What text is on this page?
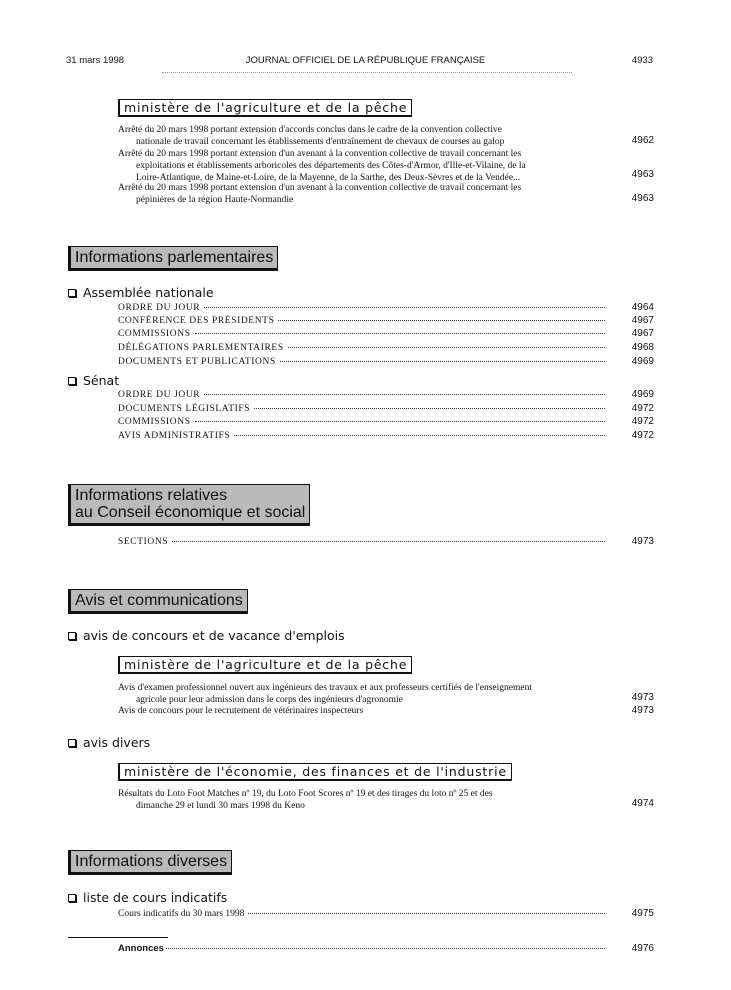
31 mars 1998	JOURNAL OFFICIEL DE LA RÉPUBLIQUE FRANÇAISE	4933
ministère de l'agriculture et de la pêche
Arrêté du 20 mars 1998 portant extension d'accords conclus dans le cadre de la convention collective
nationale de travail concernant les établissements d'entraînement de chevaux de courses au galop	4962
Arrêté du 20 mars 1998 portant extension d'un avenant à la convention collective de travail concernant les
exploitations et établissements arboricoles des départements des Côtes-d'Armor, d'Ille-et-Vilaine, de la
Loire-Atlantique, de Maine-et-Loire, de la Mayenne, de la Sarthe, des Deux-Sèvres et de la Vendée...	4963
Arrêté du 20 mars 1998 portant extension d'un avenant à la convention collective de travail concernant les
pépinières de la région Haute-Normandie	4963
Informations parlementaires
Assemblée nationale
ORDRE DU JOUR	4964
CONFÉRENCE DES PRÉSIDENTS	4967
COMMISSIONS	4967
DÉLÉGATIONS PARLEMENTAIRES	4968
DOCUMENTS ET PUBLICATIONS	4969
Sénat
ORDRE DU JOUR	4969
DOCUMENTS LÉGISLATIFS	4972
COMMISSIONS	4972
AVIS ADMINISTRATIFS	4972
Informations relatives
au Conseil économique et social
SECTIONS	4973
Avis et communications
avis de concours et de vacance d'emplois
ministère de l'agriculture et de la pêche
Avis d'examen professionnel ouvert aux ingénieurs des travaux et aux professeurs certifiés de l'enseignement
agricole pour leur admission dans le corps des ingénieurs d'agronomie	4973
Avis de concours pour le recrutement de vétérinaires inspecteurs	4973
avis divers
ministère de l'économie, des finances et de l'industrie
Résultats du Loto Foot Matches nº 19, du Loto Foot Scores nº 19 et des tirages du loto nº 25 et des
dimanche 29 et lundi 30 mars 1998 du Keno	4974
Informations diverses
liste de cours indicatifs
Cours indicatifs du 30 mars 1998	4975
Annonces	4976
